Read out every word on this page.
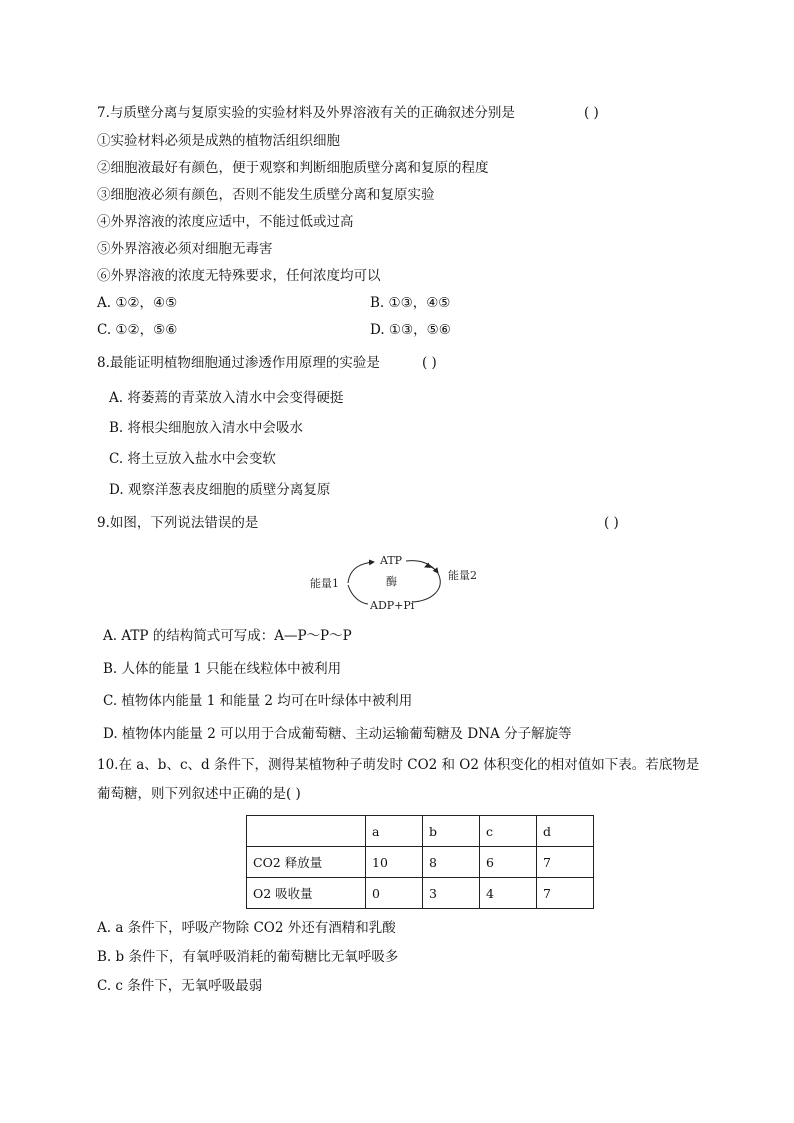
7.与质壁分离与复原实验的实验材料及外界溶液有关的正确叙述分别是	( )
①实验材料必须是成熟的植物活组织细胞
②细胞液最好有颜色，便于观察和判断细胞质壁分离和复原的程度
③细胞液必须有颜色，否则不能发生质壁分离和复原实验
④外界溶液的浓度应适中，不能过低或过高
⑤外界溶液必须对细胞无毒害
⑥外界溶液的浓度无特殊要求，任何浓度均可以
A. ①②，④⑤	B. ①③，④⑤
C. ①②，⑤⑥	D. ①③，⑤⑥
8.最能证明植物细胞通过渗透作用原理的实验是	( )
A. 将萎蔫的青菜放入清水中会变得硬挺
B. 将根尖细胞放入清水中会吸水
C. 将土豆放入盐水中会变软
D. 观察洋葱表皮细胞的质壁分离复原
9.如图，下列说法错误的是	( )
ATP
酶
ADP+Pi
能量1
能量2
A. ATP 的结构简式可写成：A—P～P～P
B. 人体的能量 1 只能在线粒体中被利用
C. 植物体内能量 1 和能量 2 均可在叶绿体中被利用
D. 植物体内能量 2 可以用于合成葡萄糖、主动运输葡萄糖及 DNA 分子解旋等
10.在 a、b、c、d 条件下，测得某植物种子萌发时 CO2 和 O2 体积变化的相对值如下表。若底物是
葡萄糖，则下列叙述中正确的是( )
	a	b	c	d
CO2 释放量	10	8	6	7
O2 吸收量	0	3	4	7
A. a 条件下，呼吸产物除 CO2 外还有酒精和乳酸
B. b 条件下，有氧呼吸消耗的葡萄糖比无氧呼吸多
C. c 条件下，无氧呼吸最弱
